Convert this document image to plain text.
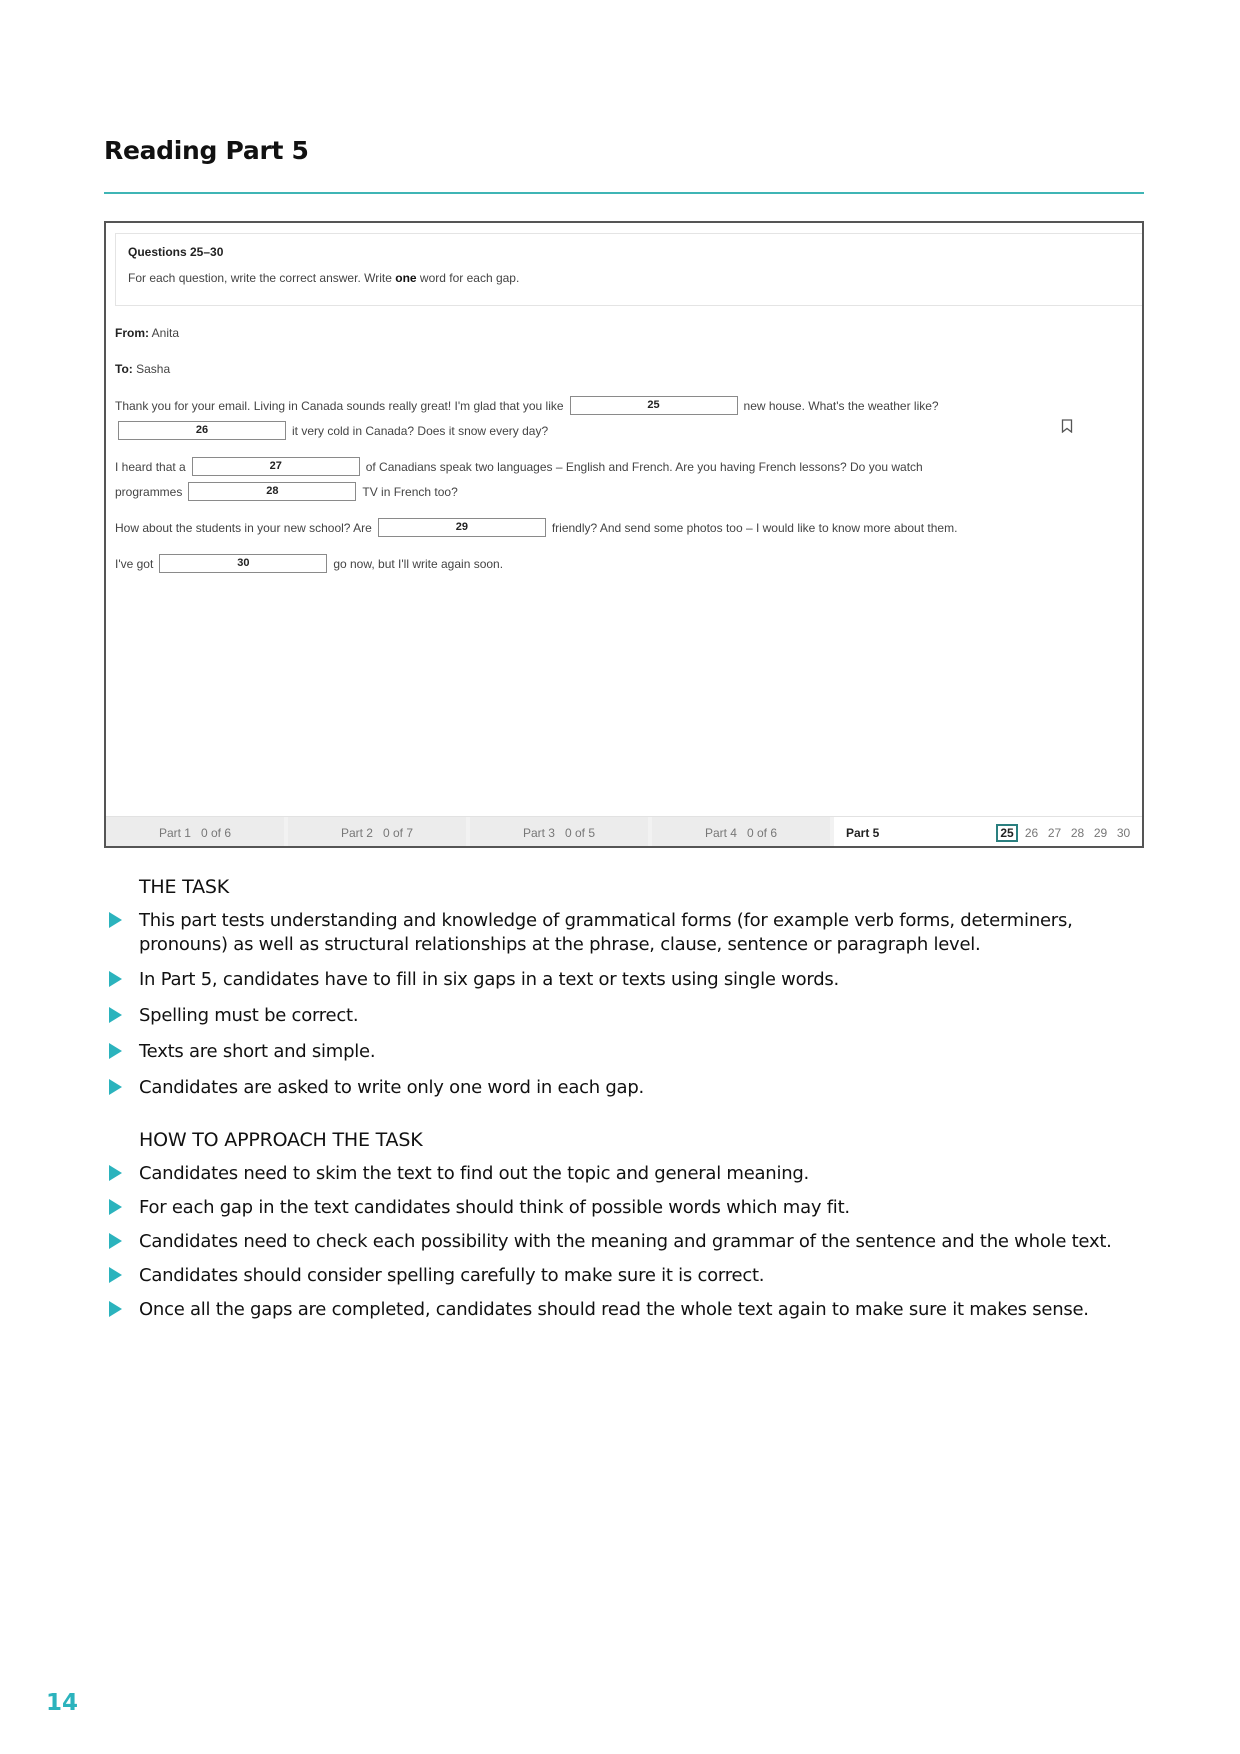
Reading Part 5
Questions 25–30
For each question, write the correct answer. Write one word for each gap.
From: Anita
To: Sasha
Thank you for your email. Living in Canada sounds really great! I'm glad that you like	25	new house. What's the weather like?
26	it very cold in Canada? Does it snow every day?
I heard that a	27	of Canadians speak two languages – English and French. Are you having French lessons? Do you watch
programmes	28	TV in French too?
How about the students in your new school? Are	29	friendly? And send some photos too – I would like to know more about them.
I've got	30	go now, but I'll write again soon.
Part 1 0 of 6	Part 2 0 of 7	Part 3 0 of 5	Part 4 0 of 6	Part 5	25 26 27 28 29 30
THE TASK
This part tests understanding and knowledge of grammatical forms (for example verb forms, determiners, pronouns) as well as structural relationships at the phrase, clause, sentence or paragraph level.
In Part 5, candidates have to fill in six gaps in a text or texts using single words.
Spelling must be correct.
Texts are short and simple.
Candidates are asked to write only one word in each gap.
HOW TO APPROACH THE TASK
Candidates need to skim the text to find out the topic and general meaning.
For each gap in the text candidates should think of possible words which may fit.
Candidates need to check each possibility with the meaning and grammar of the sentence and the whole text.
Candidates should consider spelling carefully to make sure it is correct.
Once all the gaps are completed, candidates should read the whole text again to make sure it makes sense.
14
